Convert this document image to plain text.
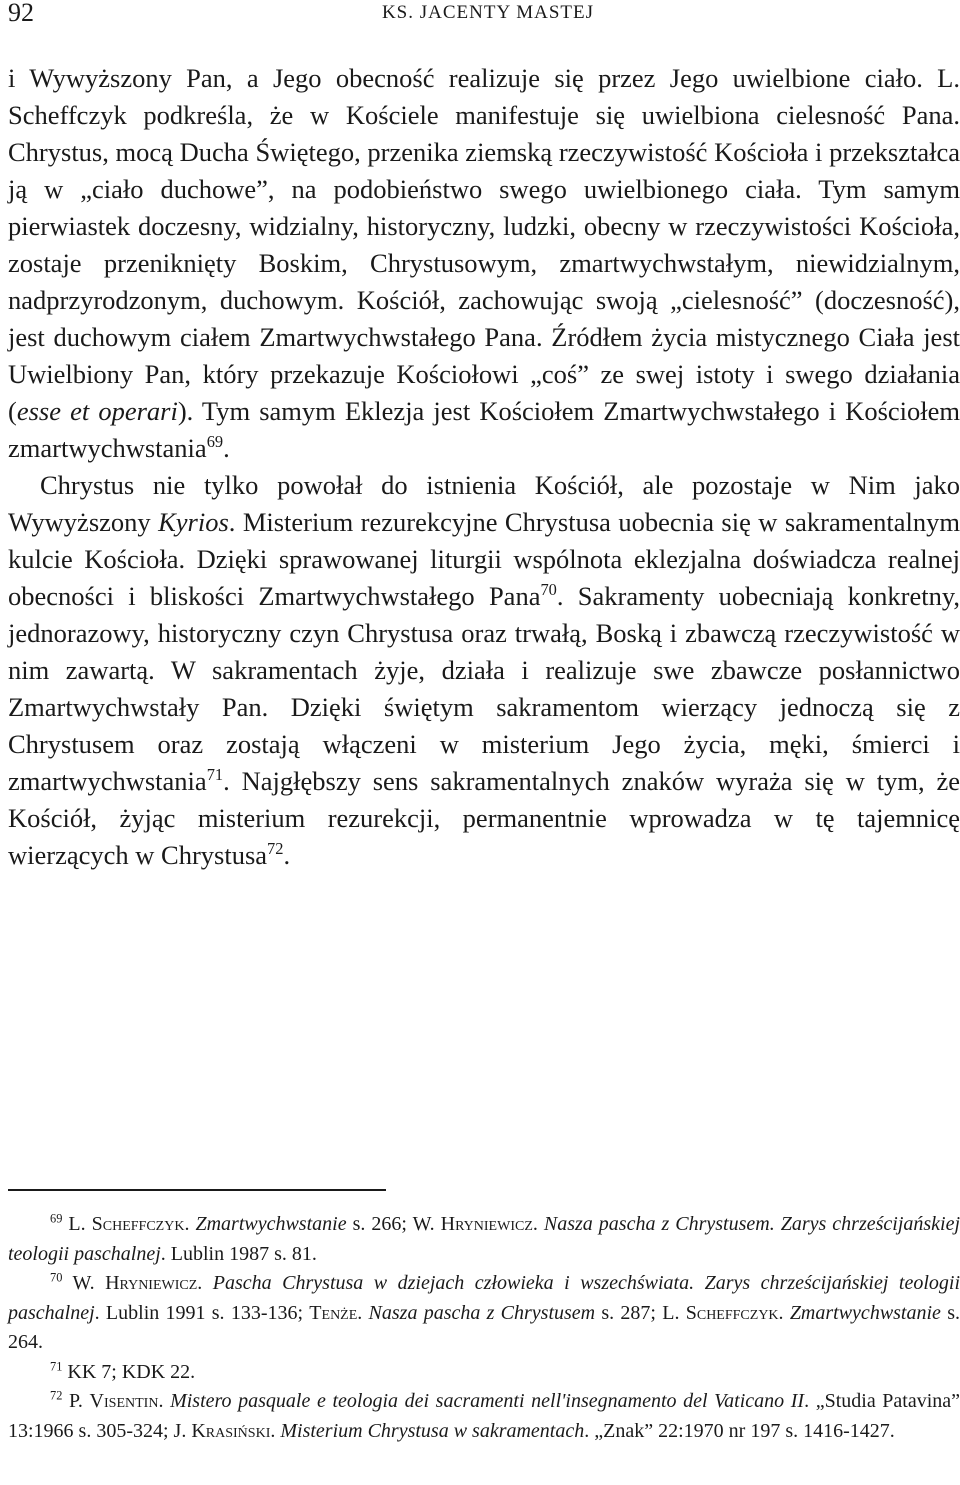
92	KS. JACENTY MASTEJ

i Wywyższony Pan, a Jego obecność realizuje się przez Jego uwielbione ciało. L. Scheffczyk podkreśla, że w Kościele manifestuje się uwielbiona cielesność Pana. Chrystus, mocą Ducha Świętego, przenika ziemską rzeczywistość Kościoła i przekształca ją w „ciało duchowe”, na podobieństwo swego uwielbionego ciała. Tym samym pierwiastek doczesny, widzialny, historyczny, ludzki, obecny w rzeczywistości Kościoła, zostaje przeniknięty Boskim, Chrystusowym, zmartwychwstałym, niewidzialnym, nadprzyrodzonym, duchowym. Kościół, zachowując swoją „cielesność” (doczesność), jest duchowym ciałem Zmartwychwstałego Pana. Źródłem życia mistycznego Ciała jest Uwielbiony Pan, który przekazuje Kościołowi „coś” ze swej istoty i swego działania (esse et operari). Tym samym Eklezja jest Kościołem Zmartwychwstałego i Kościołem zmartwychwstania$^{69}$.

Chrystus nie tylko powołał do istnienia Kościół, ale pozostaje w Nim jako Wywyższony Kyrios. Misterium rezurekcyjne Chrystusa uobecnia się w sakramentalnym kulcie Kościoła. Dzięki sprawowanej liturgii wspólnota eklezjalna doświadcza realnej obecności i bliskości Zmartwychwstałego Pana$^{70}$. Sakramenty uobecniają konkretny, jednorazowy, historyczny czyn Chrystusa oraz trwałą, Boską i zbawczą rzeczywistość w nim zawartą. W sakramentach żyje, działa i realizuje swe zbawcze posłannictwo Zmartwychwstały Pan. Dzięki świętym sakramentom wierzący jednoczą się z Chrystusem oraz zostają włączeni w misterium Jego życia, męki, śmierci i zmartwychwstania$^{71}$. Najgłębszy sens sakramentalnych znaków wyraża się w tym, że Kościół, żyjąc misterium rezurekcji, permanentnie wprowadza w tę tajemnicę wierzących w Chrystusa$^{72}$.

$^{69}$ L. Scheffczyk. Zmartwychwstanie s. 266; W. Hryniewicz. Nasza pascha z Chrystusem. Zarys chrześcijańskiej teologii paschalnej. Lublin 1987 s. 81.

$^{70}$ W. Hryniewicz. Pascha Chrystusa w dziejach człowieka i wszechświata. Zarys chrześcijańskiej teologii paschalnej. Lublin 1991 s. 133-136; Tenże. Nasza pascha z Chrystusem s. 287; L. Scheffczyk. Zmartwychwstanie s. 264.

$^{71}$ KK 7; KDK 22.

$^{72}$ P. Visentin. Mistero pasquale e teologia dei sacramenti nell'insegnamento del Vaticano II. „Studia Patavina” 13:1966 s. 305-324; J. Krasiński. Misterium Chrystusa w sakramentach. „Znak” 22:1970 nr 197 s. 1416-1427.
